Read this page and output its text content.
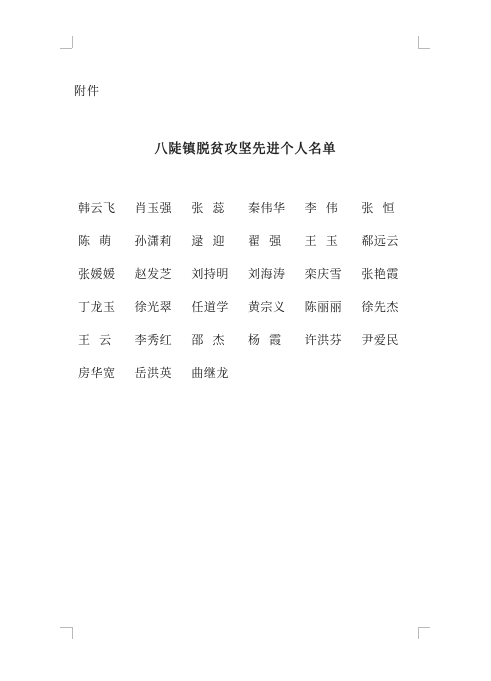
附件
八陡镇脱贫攻坚先进个人名单
韩云飞	肖玉强	张  蕊	秦伟华	李  伟	张  恒
陈  萌	孙潇莉	逯  迎	翟  强	王  玉	郗远云
张媛媛	赵发芝	刘持明	刘海涛	栾庆雪	张艳霞
丁龙玉	徐光翠	任道学	黄宗义	陈丽丽	徐先杰
王  云	李秀红	邵  杰	杨  霞	许洪芬	尹爱民
房华宽	岳洪英	曲继龙
